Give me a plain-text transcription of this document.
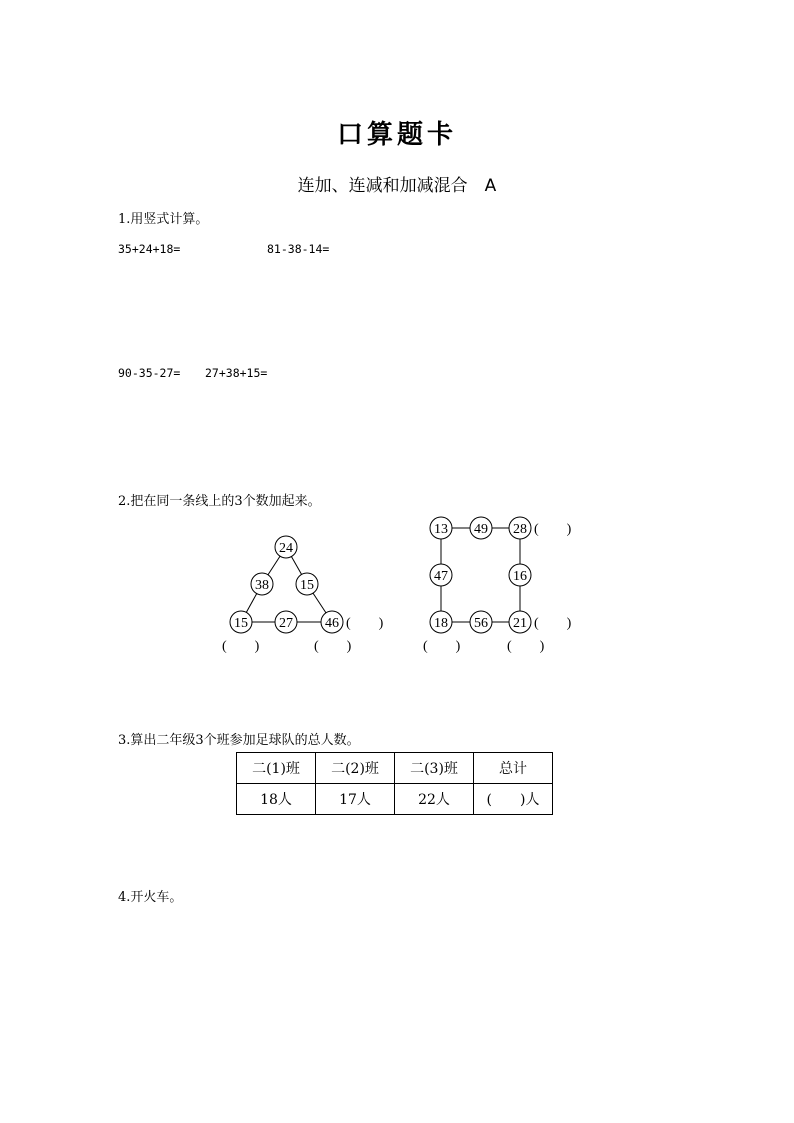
口算题卡
连加、连减和加减混合　A
1.用竖式计算。
35+24+18=	81-38-14=
90-35-27= 27+38+15=
2.把在同一条线上的3个数加起来。
24
38 15
15 27 46
13 49 28
47	16
18 56 21
(　　)
(　　)	(　　)
(　　)
(　　)
(　　)	(　　)
3.算出二年级3个班参加足球队的总人数。
二(1)班	二(2)班	二(3)班	总计
18人	17人	22人	(　　)人
4.开火车。
